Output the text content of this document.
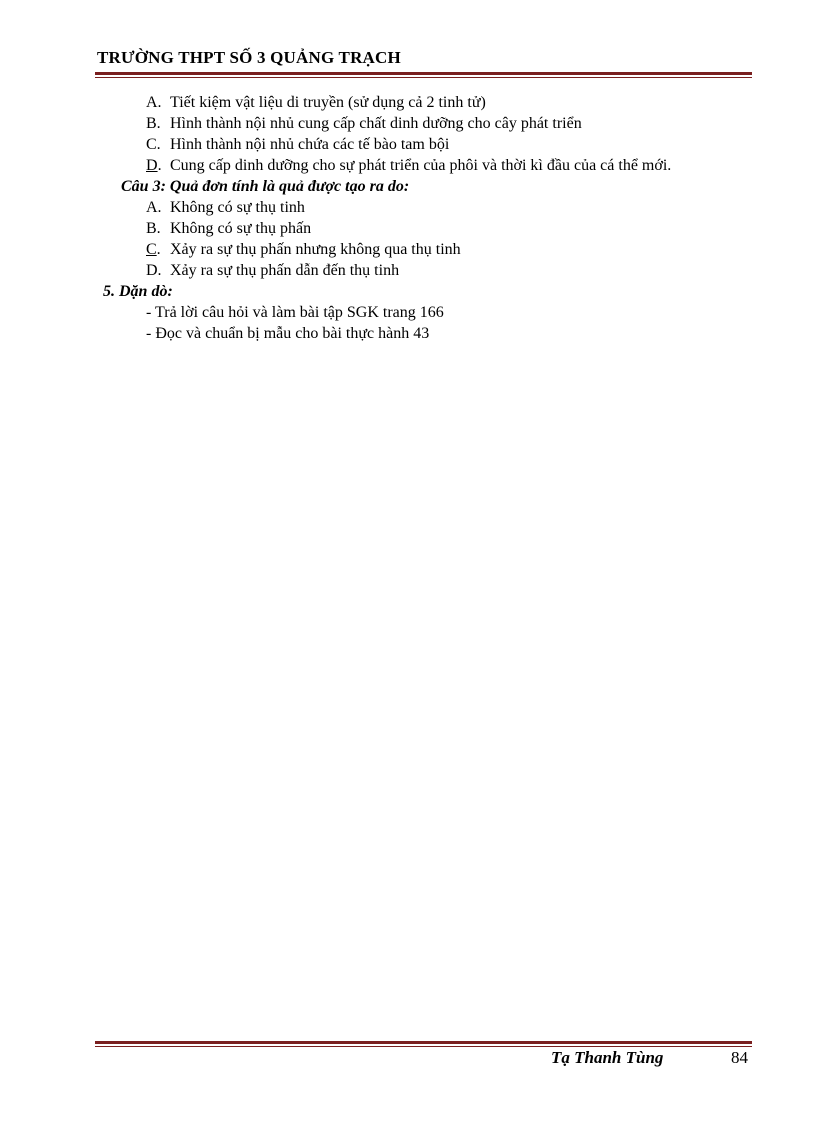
TRƯỜNG THPT SỐ 3 QUẢNG TRẠCH
A. Tiết kiệm vật liệu di truyền (sử dụng cả 2 tinh tử)
B. Hình thành nội nhủ cung cấp chất dinh dưỡng cho cây phát triển
C. Hình thành nội nhủ chứa các tế bào tam bội
D. Cung cấp dinh dưỡng cho sự phát triển của phôi và thời kì đầu của cá thể mới.
Câu 3: Quả đơn tính là quả được tạo ra do:
A. Không có sự thụ tinh
B. Không có sự thụ phấn
C. Xảy ra sự thụ phấn nhưng không qua thụ tinh
D. Xảy ra sự thụ phấn dẫn đến thụ tinh
5. Dặn dò:
- Trả lời câu hỏi và làm bài tập SGK trang 166
- Đọc và chuẩn bị mẫu cho bài thực hành 43
Tạ Thanh Tùng	84
